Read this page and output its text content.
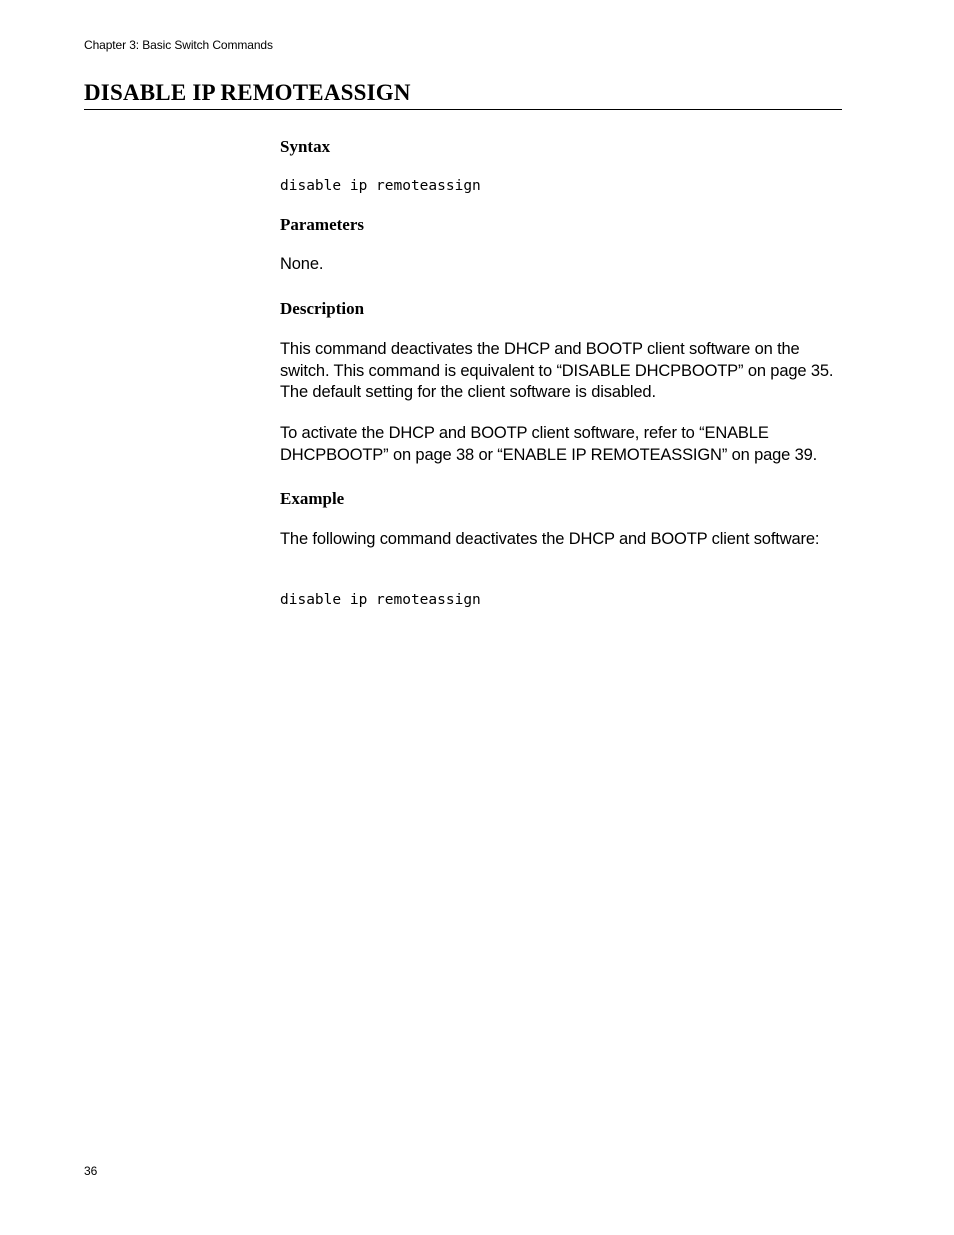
Chapter 3: Basic Switch Commands
DISABLE IP REMOTEASSIGN
Syntax
disable ip remoteassign
Parameters

None.

Description

This command deactivates the DHCP and BOOTP client software on the switch. This command is equivalent to “DISABLE DHCPBOOTP” on page 35. The default setting for the client software is disabled.

To activate the DHCP and BOOTP client software, refer to “ENABLE DHCPBOOTP” on page 38 or “ENABLE IP REMOTEASSIGN” on page 39.

Example

The following command deactivates the DHCP and BOOTP client software:

disable ip remoteassign
36
